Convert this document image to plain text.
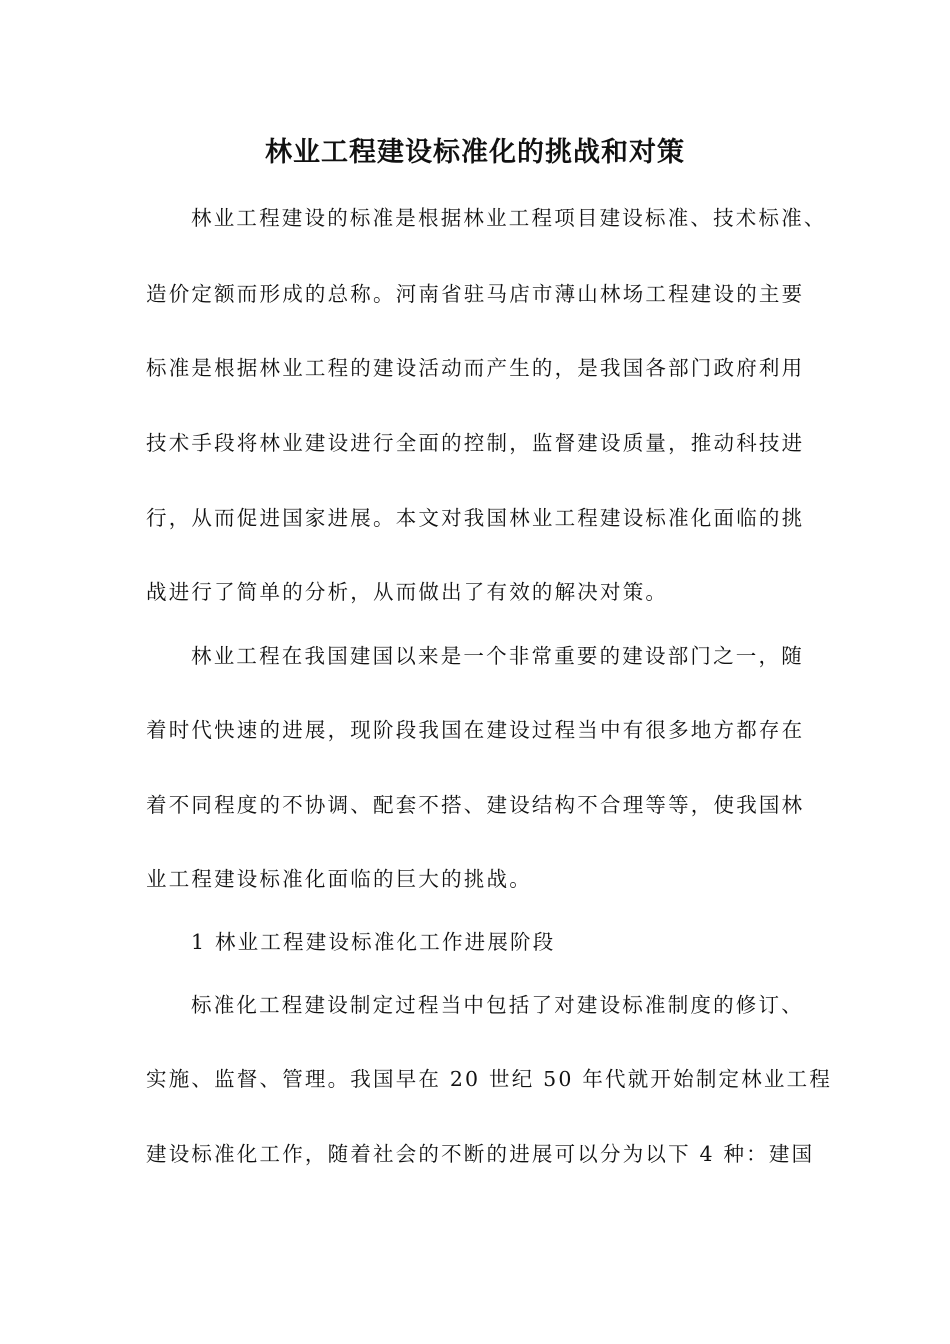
林业工程建设标准化的挑战和对策

林业工程建设的标准是根据林业工程项目建设标准、技术标准、

造价定额而形成的总称。河南省驻马店市薄山林场工程建设的主要

标准是根据林业工程的建设活动而产生的，是我国各部门政府利用

技术手段将林业建设进行全面的控制，监督建设质量，推动科技进

行，从而促进国家进展。本文对我国林业工程建设标准化面临的挑

战进行了简单的分析，从而做出了有效的解决对策。

林业工程在我国建国以来是一个非常重要的建设部门之一，随

着时代快速的进展，现阶段我国在建设过程当中有很多地方都存在

着不同程度的不协调、配套不搭、建设结构不合理等等，使我国林

业工程建设标准化面临的巨大的挑战。

1 林业工程建设标准化工作进展阶段

标准化工程建设制定过程当中包括了对建设标准制度的修订、

实施、监督、管理。我国早在 20 世纪 50 年代就开始制定林业工程

建设标准化工作，随着社会的不断的进展可以分为以下 4 种：建国
